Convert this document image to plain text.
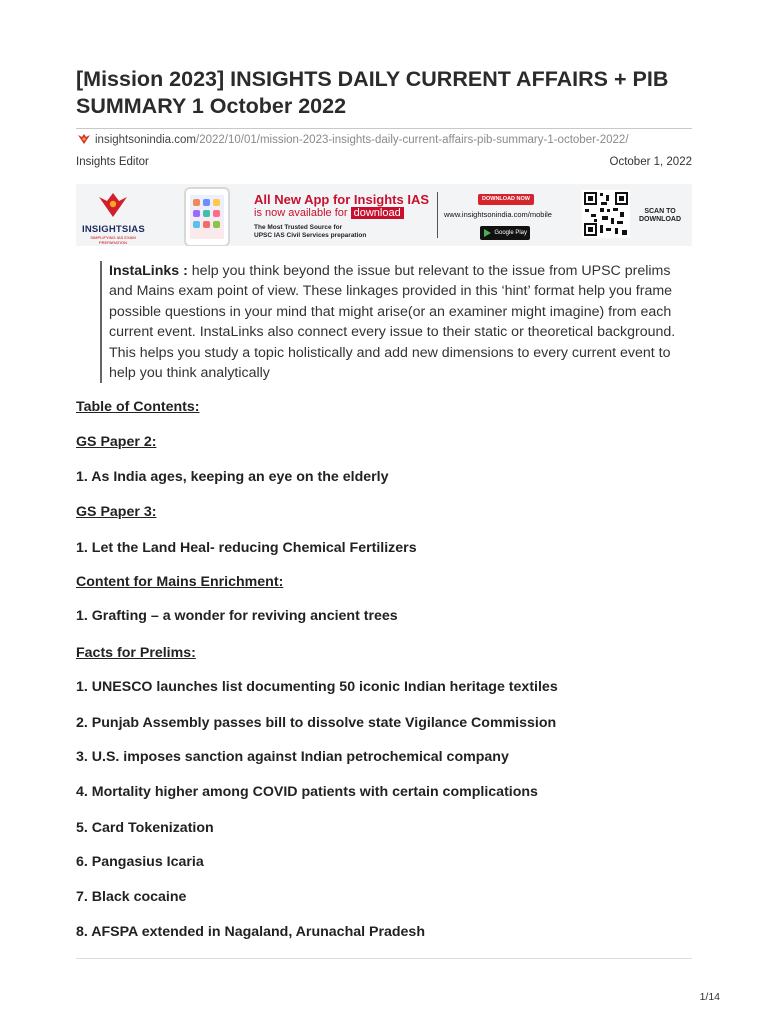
[Mission 2023] INSIGHTS DAILY CURRENT AFFAIRS + PIB SUMMARY 1 October 2022
insightsonindia.com/2022/10/01/mission-2023-insights-daily-current-affairs-pib-summary-1-october-2022/
Insights Editor	October 1, 2022
INSIGHTSIAS
SIMPLIFYING IAS EXAM PREPARATION
All New App for Insights IAS
is now available for download
The Most Trusted Source for
UPSC IAS Civil Services preparation
DOWNLOAD NOW
www.insightsonindia.com/mobile
Google Play
SCAN TO
DOWNLOAD
InstaLinks : help you think beyond the issue but relevant to the issue from UPSC prelims and Mains exam point of view. These linkages provided in this ‘hint’ format help you frame possible questions in your mind that might arise(or an examiner might imagine) from each current event. InstaLinks also connect every issue to their static or theoretical background. This helps you study a topic holistically and add new dimensions to every current event to help you think analytically
Table of Contents:
GS Paper 2:
1. As India ages, keeping an eye on the elderly
GS Paper 3:
1. Let the Land Heal- reducing Chemical Fertilizers
Content for Mains Enrichment:
1. Grafting – a wonder for reviving ancient trees
Facts for Prelims:
1. UNESCO launches list documenting 50 iconic Indian heritage textiles
2. Punjab Assembly passes bill to dissolve state Vigilance Commission
3. U.S. imposes sanction against Indian petrochemical company
4. Mortality higher among COVID patients with certain complications
5. Card Tokenization
6. Pangasius Icaria
7. Black cocaine
8. AFSPA extended in Nagaland, Arunachal Pradesh
1/14
